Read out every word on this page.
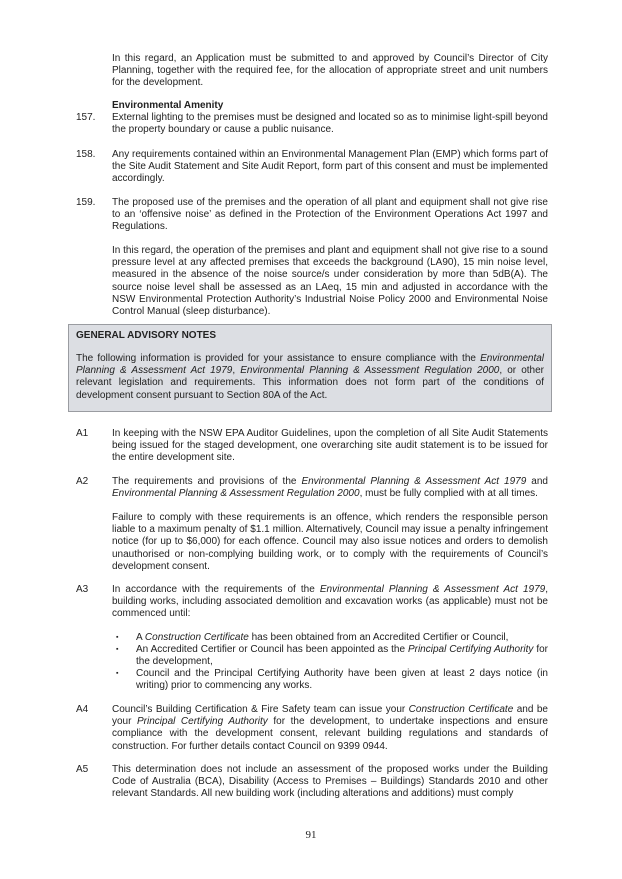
In this regard, an Application must be submitted to and approved by Council’s Director of City Planning, together with the required fee, for the allocation of appropriate street and unit numbers for the development.

Environmental Amenity
157. External lighting to the premises must be designed and located so as to minimise light-spill beyond the property boundary or cause a public nuisance.

158. Any requirements contained within an Environmental Management Plan (EMP) which forms part of the Site Audit Statement and Site Audit Report, form part of this consent and must be implemented accordingly.

159. The proposed use of the premises and the operation of all plant and equipment shall not give rise to an ‘offensive noise’ as defined in the Protection of the Environment Operations Act 1997 and Regulations.

In this regard, the operation of the premises and plant and equipment shall not give rise to a sound pressure level at any affected premises that exceeds the background (LA90), 15 min noise level, measured in the absence of the noise source/s under consideration by more than 5dB(A). The source noise level shall be assessed as an LAeq, 15 min and adjusted in accordance with the NSW Environmental Protection Authority’s Industrial Noise Policy 2000 and Environmental Noise Control Manual (sleep disturbance).

GENERAL ADVISORY NOTES

The following information is provided for your assistance to ensure compliance with the Environmental Planning & Assessment Act 1979, Environmental Planning & Assessment Regulation 2000, or other relevant legislation and requirements. This information does not form part of the conditions of development consent pursuant to Section 80A of the Act.

A1 In keeping with the NSW EPA Auditor Guidelines, upon the completion of all Site Audit Statements being issued for the staged development, one overarching site audit statement is to be issued for the entire development site.

A2 The requirements and provisions of the Environmental Planning & Assessment Act 1979 and Environmental Planning & Assessment Regulation 2000, must be fully complied with at all times.

Failure to comply with these requirements is an offence, which renders the responsible person liable to a maximum penalty of $1.1 million. Alternatively, Council may issue a penalty infringement notice (for up to $6,000) for each offence. Council may also issue notices and orders to demolish unauthorised or non-complying building work, or to comply with the requirements of Council’s development consent.

A3 In accordance with the requirements of the Environmental Planning & Assessment Act 1979, building works, including associated demolition and excavation works (as applicable) must not be commenced until:

▪ A Construction Certificate has been obtained from an Accredited Certifier or Council,

▪ An Accredited Certifier or Council has been appointed as the Principal Certifying Authority for the development,

▪ Council and the Principal Certifying Authority have been given at least 2 days notice (in writing) prior to commencing any works.

A4 Council’s Building Certification & Fire Safety team can issue your Construction Certificate and be your Principal Certifying Authority for the development, to undertake inspections and ensure compliance with the development consent, relevant building regulations and standards of construction. For further details contact Council on 9399 0944.

A5 This determination does not include an assessment of the proposed works under the Building Code of Australia (BCA), Disability (Access to Premises – Buildings) Standards 2010 and other relevant Standards. All new building work (including alterations and additions) must comply

91
